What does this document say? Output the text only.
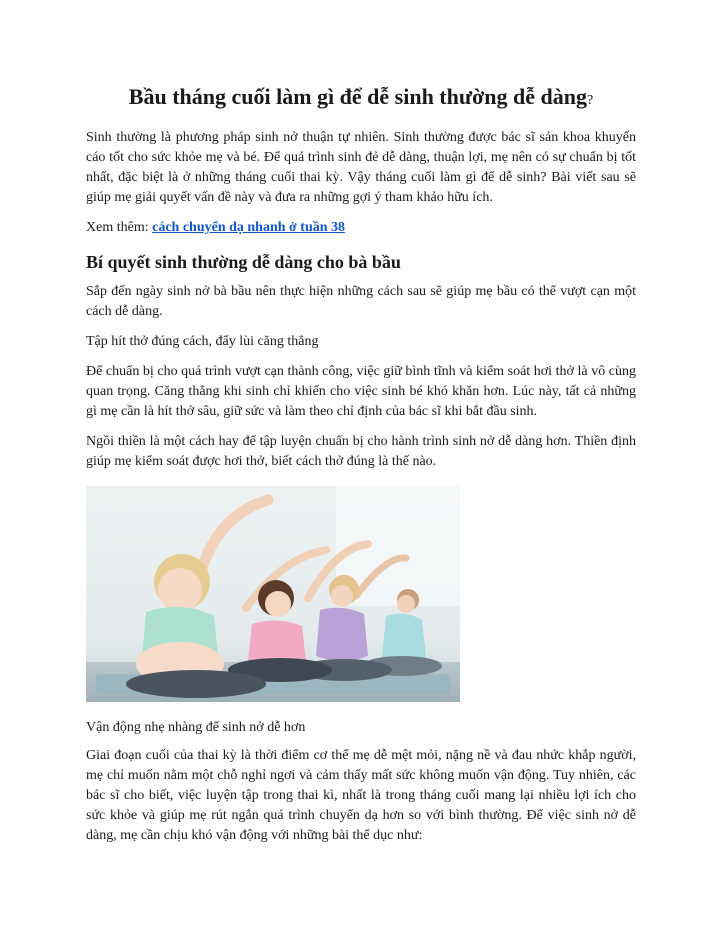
Bầu tháng cuối làm gì để dễ sinh thường dễ dàng?

Sinh thường là phương pháp sinh nở thuận tự nhiên. Sinh thường được bác sĩ sản khoa khuyến cáo tốt cho sức khỏe mẹ và bé. Để quá trình sinh đẻ dễ dàng, thuận lợi, mẹ nên có sự chuẩn bị tốt nhất, đặc biệt là ở những tháng cuối thai kỳ. Vậy tháng cuối làm gì để dễ sinh? Bài viết sau sẽ giúp mẹ giải quyết vấn đề này và đưa ra những gợi ý tham khảo hữu ích.

Xem thêm: cách chuyển dạ nhanh ở tuần 38

Bí quyết sinh thường dễ dàng cho bà bầu

Sắp đến ngày sinh nở bà bầu nên thực hiện những cách sau sẽ giúp mẹ bầu có thể vượt cạn một cách dễ dàng.

Tập hít thở đúng cách, đẩy lùi căng thẳng

Để chuẩn bị cho quá trình vượt cạn thành công, việc giữ bình tĩnh và kiểm soát hơi thở là vô cùng quan trọng. Căng thẳng khi sinh chỉ khiến cho việc sinh bé khó khăn hơn. Lúc này, tất cả những gì mẹ cần là hít thở sâu, giữ sức và làm theo chỉ định của bác sĩ khi bắt đầu sinh.

Ngồi thiền là một cách hay để tập luyện chuẩn bị cho hành trình sinh nở dễ dàng hơn. Thiền định giúp mẹ kiểm soát được hơi thở, biết cách thở đúng là thế nào.

Vận động nhẹ nhàng để sinh nở dễ hơn

Giai đoạn cuối của thai kỳ là thời điểm cơ thể mẹ dễ mệt mỏi, nặng nề và đau nhức khắp người, mẹ chỉ muốn nằm một chỗ nghỉ ngơi và cảm thấy mất sức không muốn vận động. Tuy nhiên, các bác sĩ cho biết, việc luyện tập trong thai kì, nhất là trong tháng cuối mang lại nhiều lợi ích cho sức khỏe và giúp mẹ rút ngắn quá trình chuyển dạ hơn so với bình thường. Để việc sinh nở dễ dàng, mẹ cần chịu khó vận động với những bài thể dục như:
